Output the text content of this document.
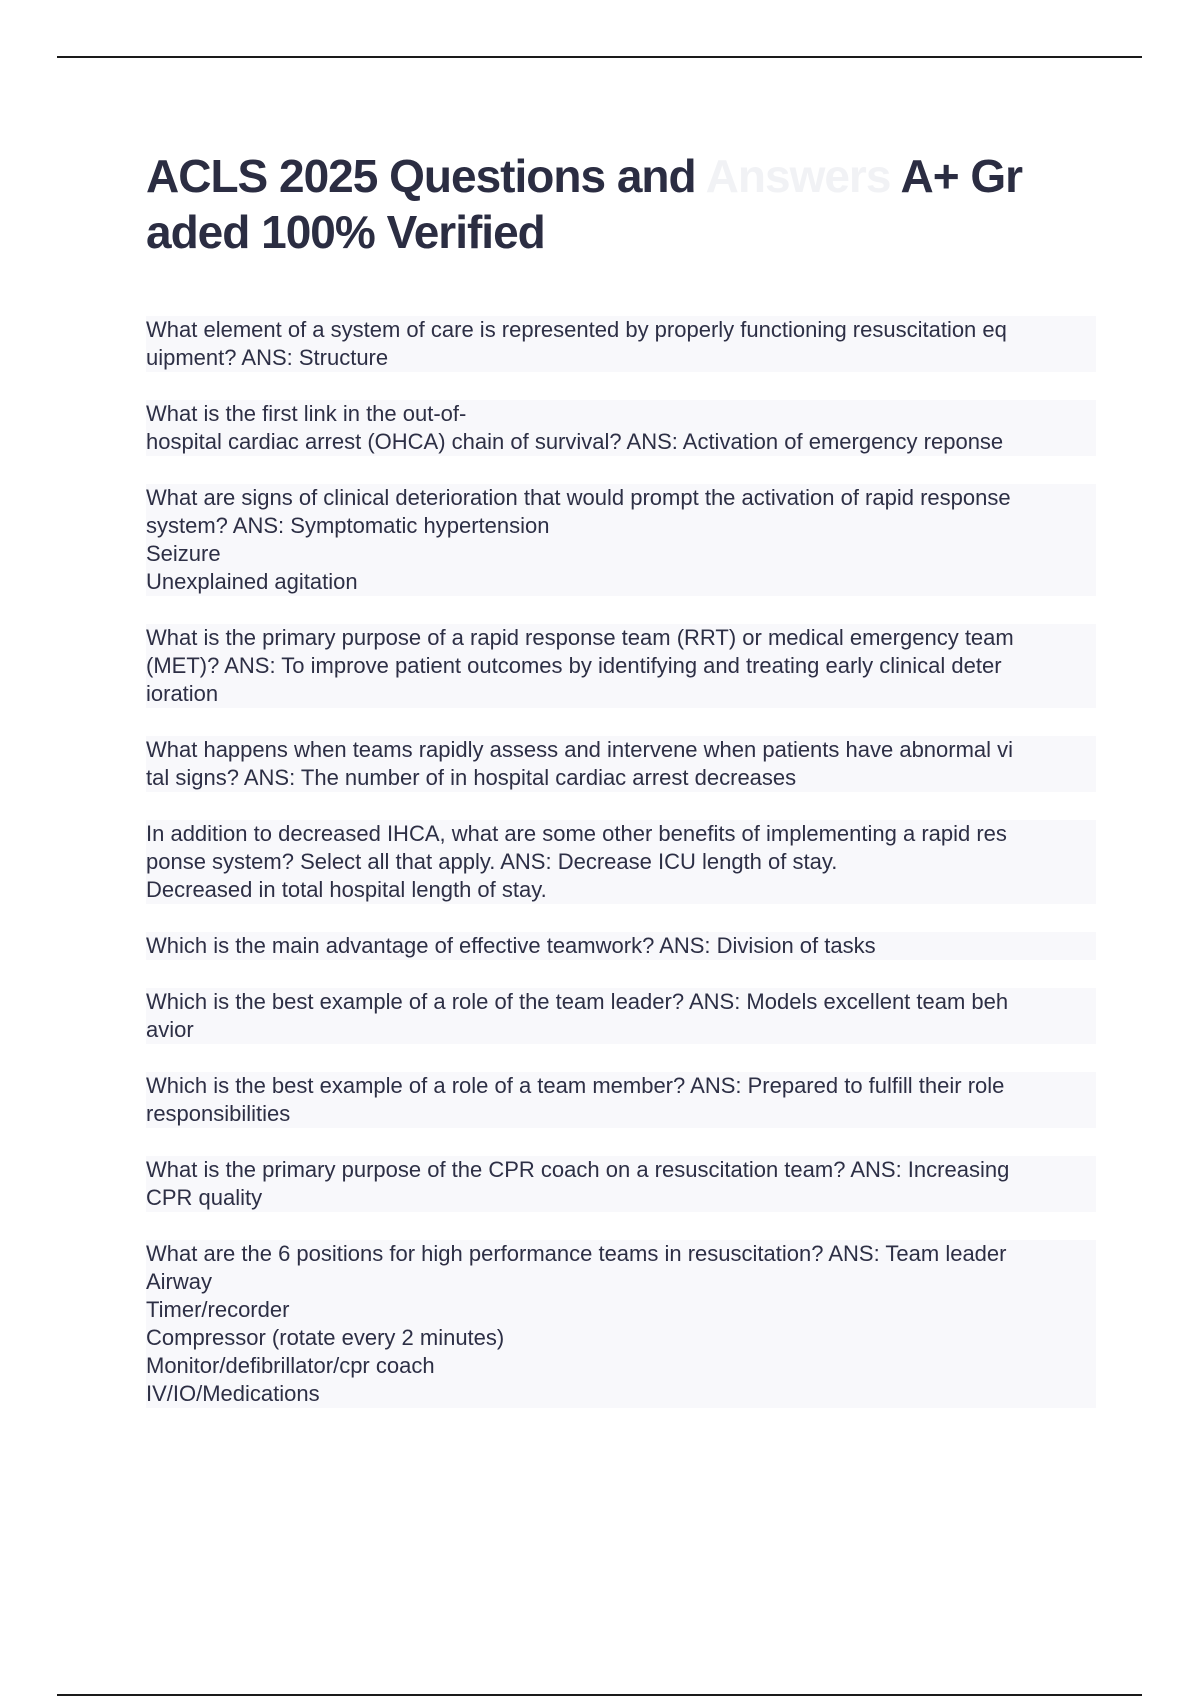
ACLS 2025 Questions and Answers A+ Gr
aded 100% Verified
What element of a system of care is represented by properly functioning resuscitation eq
uipment? ANS: Structure
What is the first link in the out-of-
hospital cardiac arrest (OHCA) chain of survival? ANS: Activation of emergency reponse
What are signs of clinical deterioration that would prompt the activation of rapid response
system? ANS: Symptomatic hypertension
Seizure
Unexplained agitation
What is the primary purpose of a rapid response team (RRT) or medical emergency team
(MET)? ANS: To improve patient outcomes by identifying and treating early clinical deter
ioration
What happens when teams rapidly assess and intervene when patients have abnormal vi
tal signs? ANS: The number of in hospital cardiac arrest decreases
In addition to decreased IHCA, what are some other benefits of implementing a rapid res
ponse system? Select all that apply. ANS: Decrease ICU length of stay.
Decreased in total hospital length of stay.
Which is the main advantage of effective teamwork? ANS: Division of tasks
Which is the best example of a role of the team leader? ANS: Models excellent team beh
avior
Which is the best example of a role of a team member? ANS: Prepared to fulfill their role
responsibilities
What is the primary purpose of the CPR coach on a resuscitation team? ANS: Increasing
CPR quality
What are the 6 positions for high performance teams in resuscitation? ANS: Team leader
Airway
Timer/recorder
Compressor (rotate every 2 minutes)
Monitor/defibrillator/cpr coach
IV/IO/Medications
